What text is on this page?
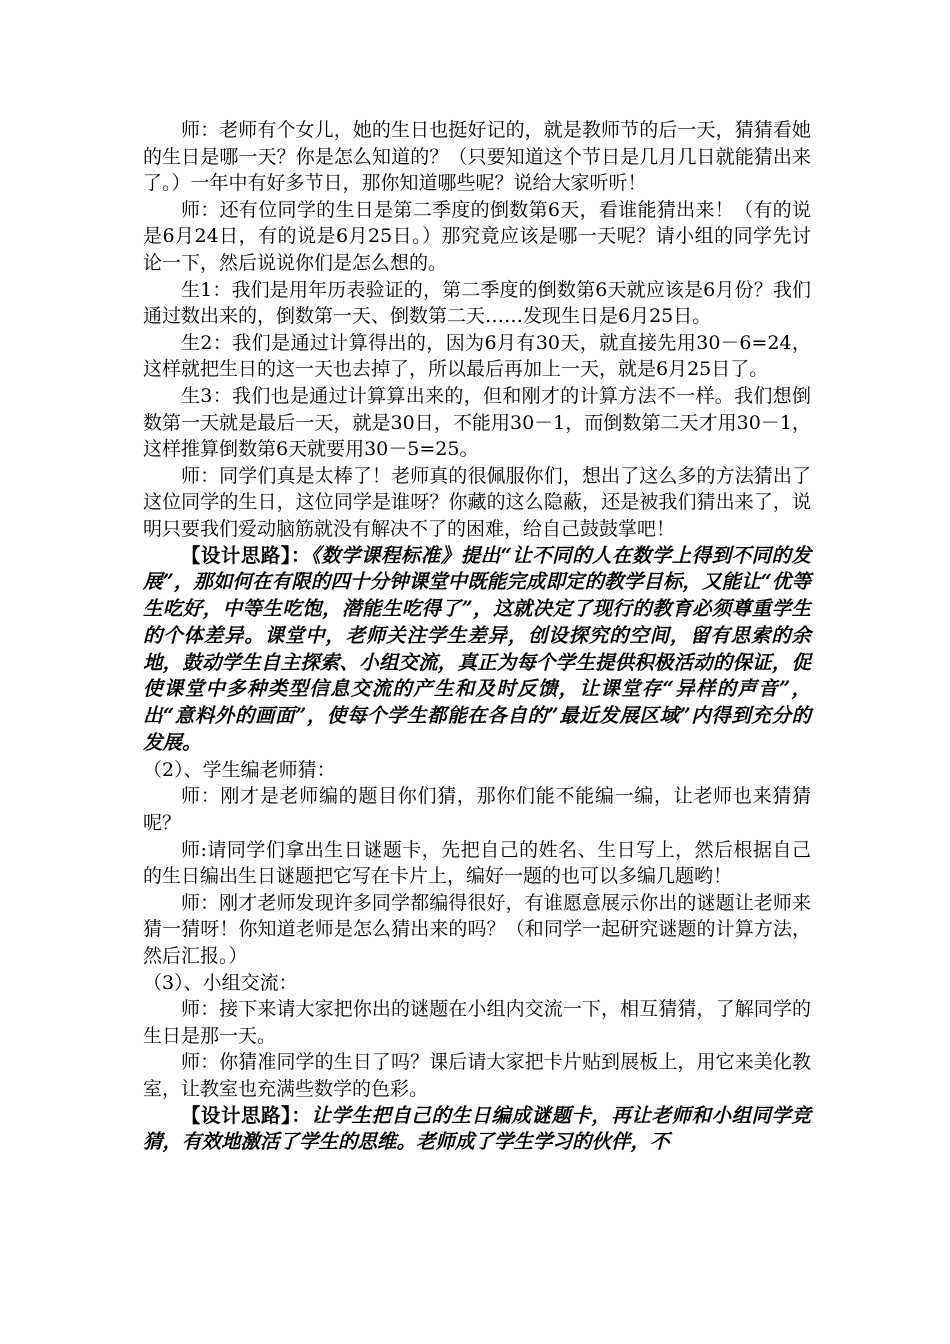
师：老师有个女儿，她的生日也挺好记的，就是教师节的后一天，猜猜看她的生日是哪一天？你是怎么知道的？（只要知道这个节日是几月几日就能猜出来了。）一年中有好多节日，那你知道哪些呢？说给大家听听！

师：还有位同学的生日是第二季度的倒数第6天，看谁能猜出来！（有的说是6月24日，有的说是6月25日。）那究竟应该是哪一天呢？请小组的同学先讨论一下，然后说说你们是怎么想的。

生1：我们是用年历表验证的，第二季度的倒数第6天就应该是6月份？我们通过数出来的，倒数第一天、倒数第二天……发现生日是6月25日。

生2：我们是通过计算得出的，因为6月有30天，就直接先用30－6=24，这样就把生日的这一天也去掉了，所以最后再加上一天，就是6月25日了。

生3：我们也是通过计算算出来的，但和刚才的计算方法不一样。我们想倒数第一天就是最后一天，就是30日，不能用30－1，而倒数第二天才用30－1，这样推算倒数第6天就要用30－5=25。

师：同学们真是太棒了！老师真的很佩服你们，想出了这么多的方法猜出了这位同学的生日，这位同学是谁呀？你藏的这么隐蔽，还是被我们猜出来了，说明只要我们爱动脑筋就没有解决不了的困难，给自己鼓鼓掌吧！

【设计思路】：《数学课程标准》提出“让不同的人在数学上得到不同的发展”，那如何在有限的四十分钟课堂中既能完成即定的教学目标，又能让“优等生吃好，中等生吃饱，潜能生吃得了”，这就决定了现行的教育必须尊重学生的个体差异。课堂中，老师关注学生差异，创设探究的空间，留有思索的余地，鼓动学生自主探索、小组交流，真正为每个学生提供积极活动的保证，促使课堂中多种类型信息交流的产生和及时反馈，让课堂存“异样的声音”，出“意料外的画面”，使每个学生都能在各自的”最近发展区域”内得到充分的发展。

（2）、学生编老师猜：

师：刚才是老师编的题目你们猜，那你们能不能编一编，让老师也来猜猜呢？

师:请同学们拿出生日谜题卡，先把自己的姓名、生日写上，然后根据自己的生日编出生日谜题把它写在卡片上，编好一题的也可以多编几题哟！

师：刚才老师发现许多同学都编得很好，有谁愿意展示你出的谜题让老师来猜一猜呀！你知道老师是怎么猜出来的吗？（和同学一起研究谜题的计算方法，然后汇报。）

（3）、小组交流：

师：接下来请大家把你出的谜题在小组内交流一下，相互猜猜，了解同学的生日是那一天。

师：你猜准同学的生日了吗？课后请大家把卡片贴到展板上，用它来美化教室，让教室也充满些数学的色彩。

【设计思路】：让学生把自己的生日编成谜题卡，再让老师和小组同学竞猜，有效地激活了学生的思维。老师成了学生学习的伙伴，不
